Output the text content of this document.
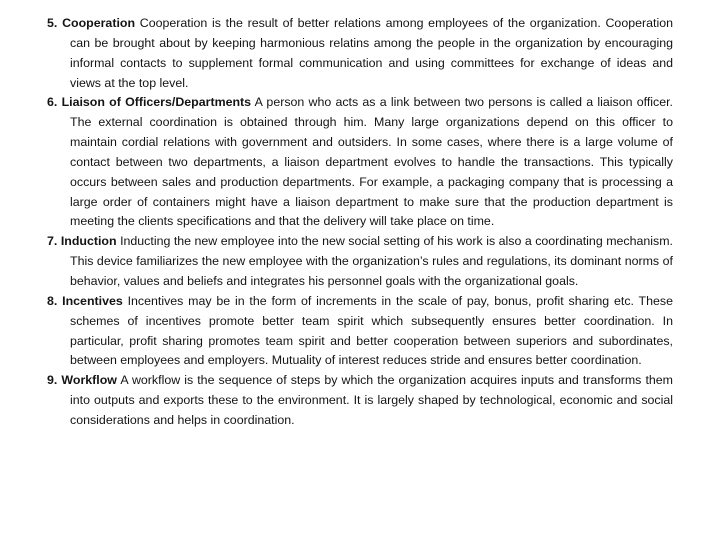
5. Cooperation Cooperation is the result of better relations among employees of the organization. Cooperation can be brought about by keeping harmonious relatins among the people in the organization by encouraging informal contacts to supplement formal communication and using committees for exchange of ideas and views at the top level.
6. Liaison of Officers/Departments A person who acts as a link between two persons is called a liaison officer. The external coordination is obtained through him. Many large organizations depend on this officer to maintain cordial relations with government and outsiders. In some cases, where there is a large volume of contact between two departments, a liaison department evolves to handle the transactions. This typically occurs between sales and production departments. For example, a packaging company that is processing a large order of containers might have a liaison department to make sure that the production department is meeting the clients specifications and that the delivery will take place on time.
7. Induction Inducting the new employee into the new social setting of his work is also a coordinating mechanism. This device familiarizes the new employee with the organization’s rules and regulations, its dominant norms of behavior, values and beliefs and integrates his personnel goals with the organizational goals.
8. Incentives Incentives may be in the form of increments in the scale of pay, bonus, profit sharing etc. These schemes of incentives promote better team spirit which subsequently ensures better coordination. In particular, profit sharing promotes team spirit and better cooperation between superiors and subordinates, between employees and employers. Mutuality of interest reduces stride and ensures better coordination.
9. Workflow A workflow is the sequence of steps by which the organization acquires inputs and transforms them into outputs and exports these to the environment. It is largely shaped by technological, economic and social considerations and helps in coordination.
